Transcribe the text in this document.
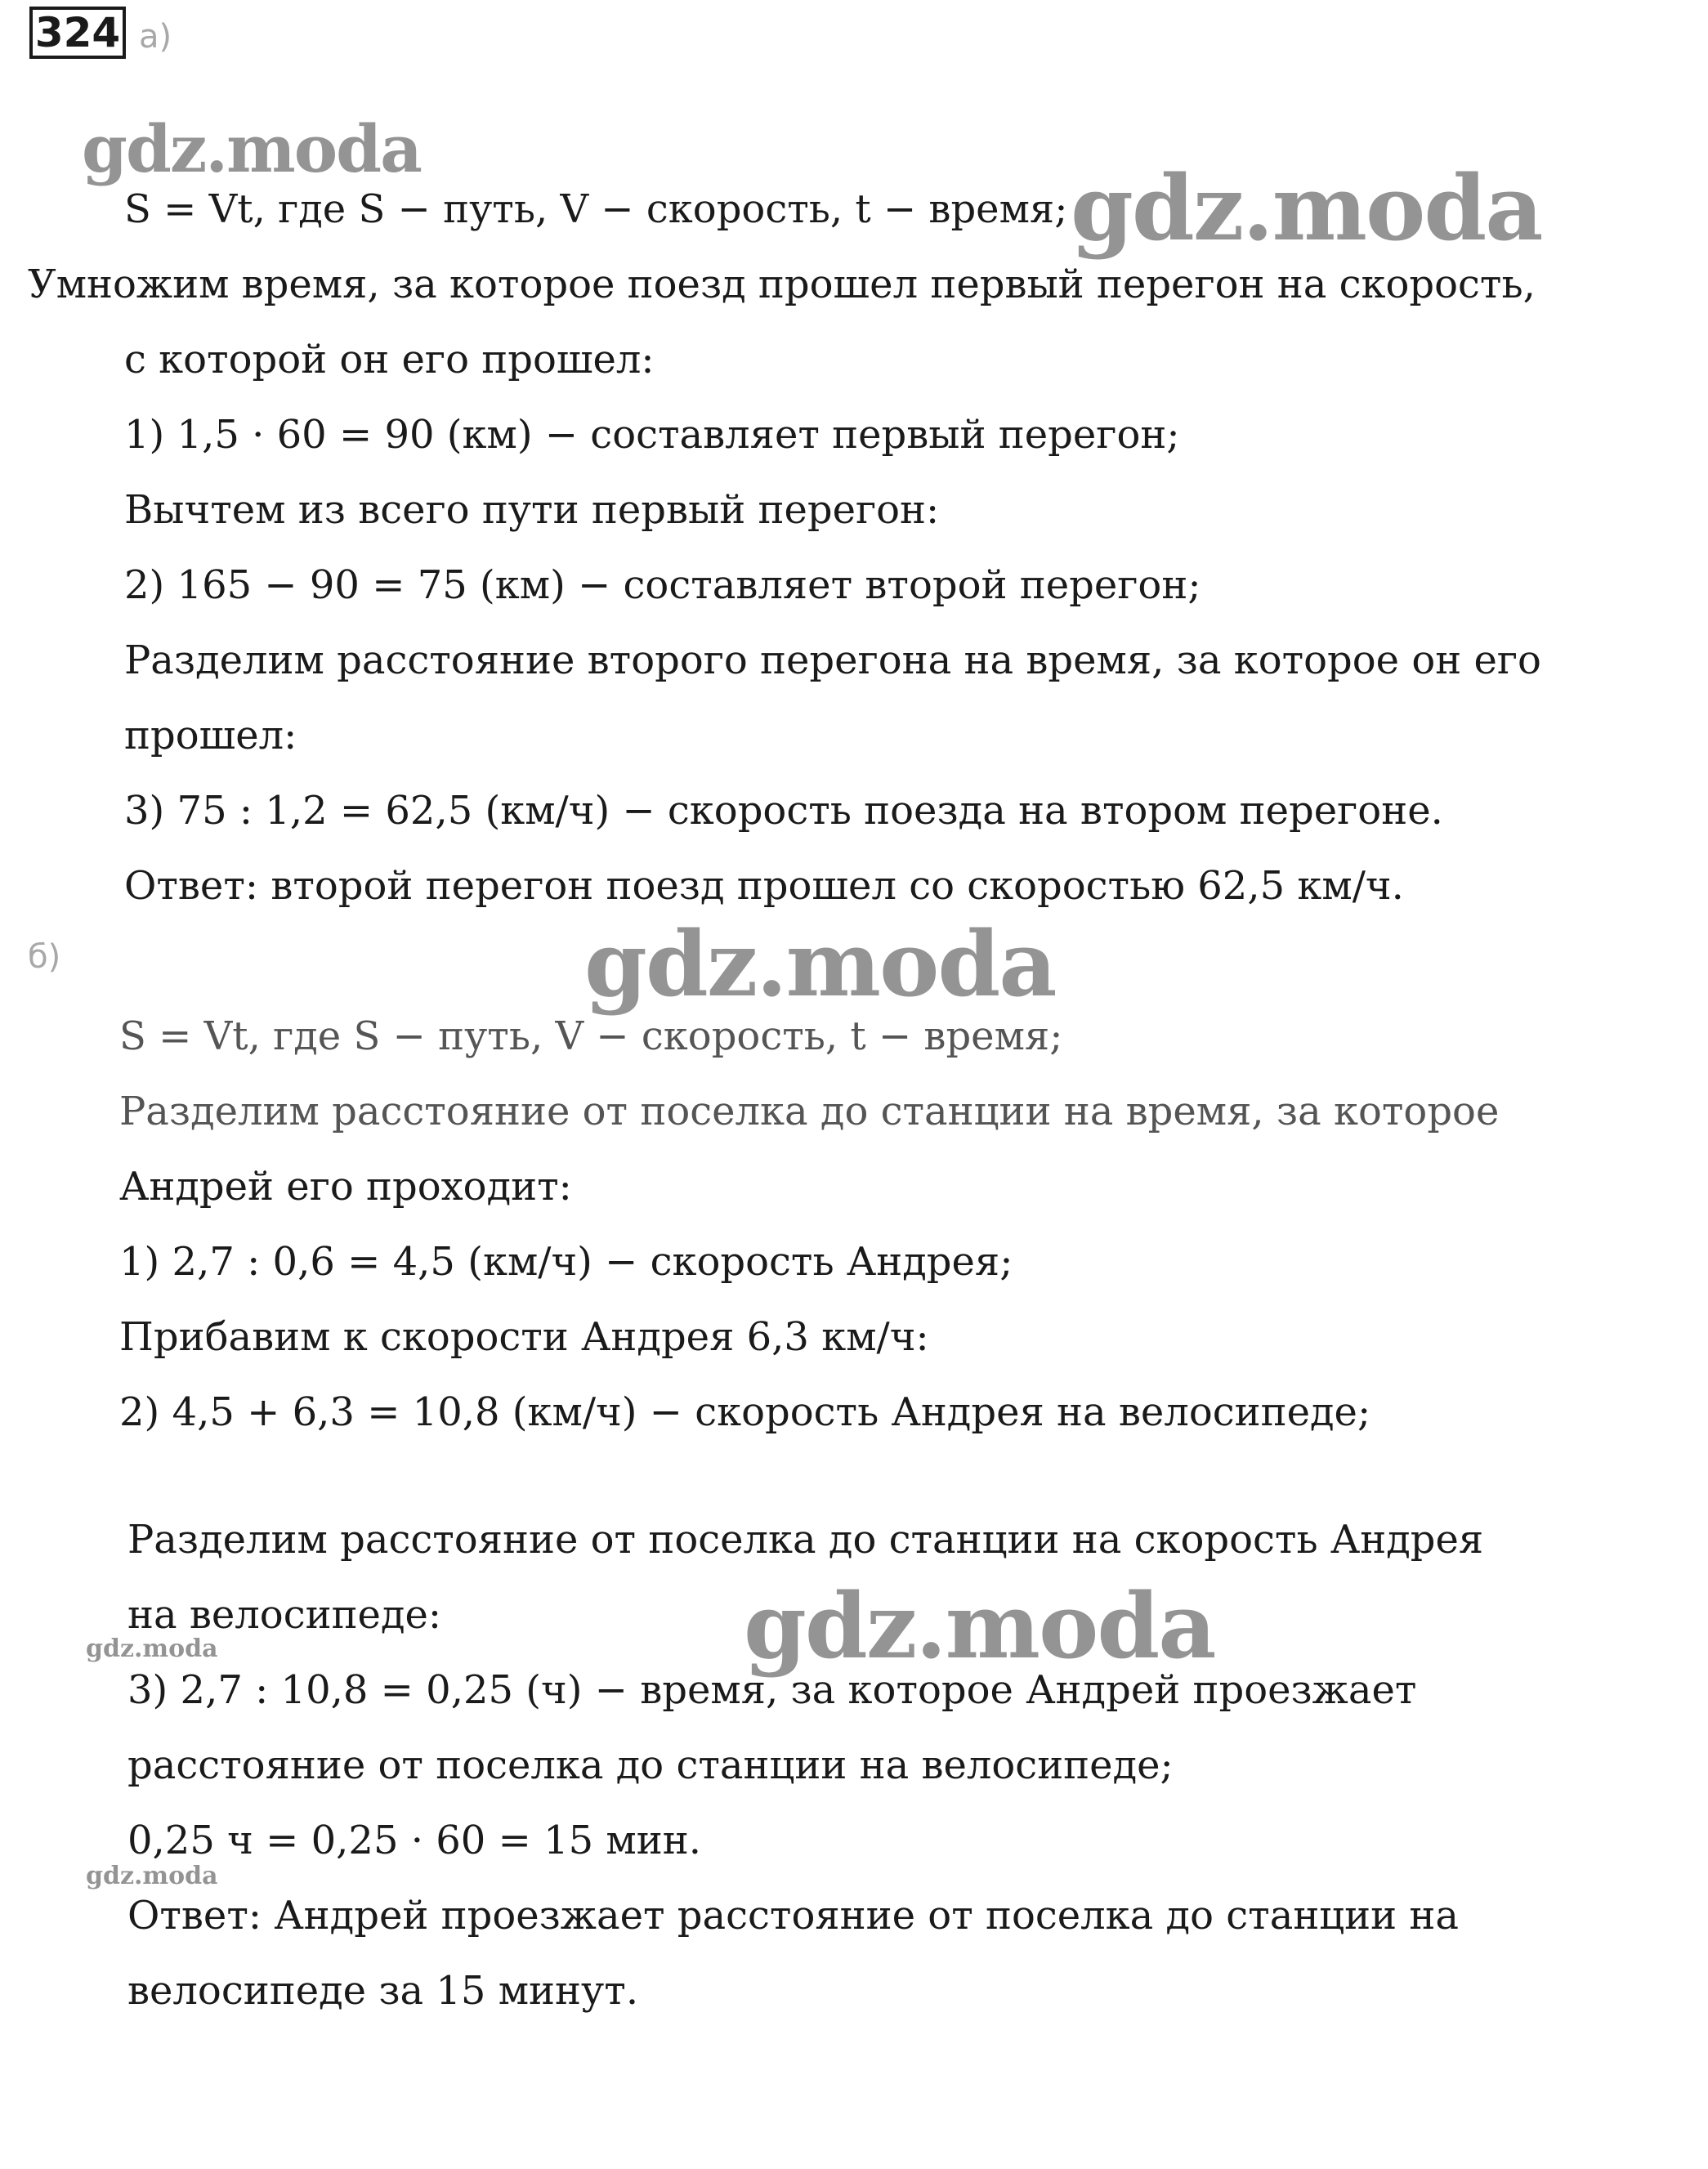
324 а)
gdz.moda
gdz.moda
gdz.moda
gdz.moda
gdz.moda
gdz.moda
S = Vt, где S − путь, V − скорость, t − время;
Умножим время, за которое поезд прошел первый перегон на скорость,
с которой он его прошел:
1) 1,5 · 60 = 90 (км) − составляет первый перегон;
Вычтем из всего пути первый перегон:
2) 165 − 90 = 75 (км) − составляет второй перегон;
Разделим расстояние второго перегона на время, за которое он его
прошел:
3) 75 : 1,2 = 62,5 (км/ч) − скорость поезда на втором перегоне.
Ответ: второй перегон поезд прошел со скоростью 62,5 км/ч.
б)
S = Vt, где S − путь, V − скорость, t − время;
Разделим расстояние от поселка до станции на время, за которое
Андрей его проходит:
1) 2,7 : 0,6 = 4,5 (км/ч) − скорость Андрея;
Прибавим к скорости Андрея 6,3 км/ч:
2) 4,5 + 6,3 = 10,8 (км/ч) − скорость Андрея на велосипеде;
Разделим расстояние от поселка до станции на скорость Андрея
на велосипеде:
3) 2,7 : 10,8 = 0,25 (ч) − время, за которое Андрей проезжает
расстояние от поселка до станции на велосипеде;
0,25 ч = 0,25 · 60 = 15 мин.
Ответ: Андрей проезжает расстояние от поселка до станции на
велосипеде за 15 минут.
